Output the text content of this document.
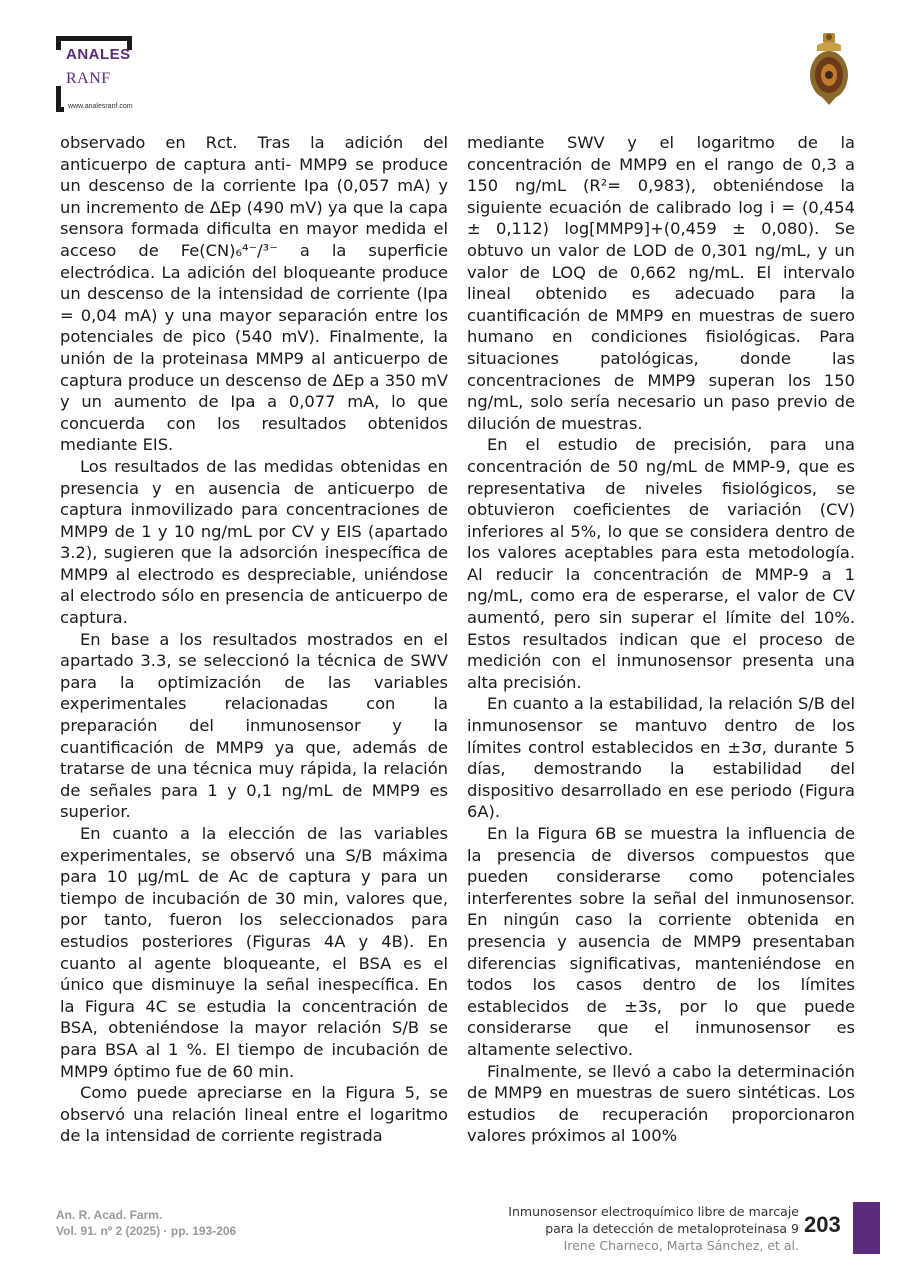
ANALES
RANF
www.analesranf.com

observado en Rct. Tras la adición del anticuerpo de captura anti- MMP9 se produce un descenso de la corriente Ipa (0,057 mA) y un incremento de ΔEp (490 mV) ya que la capa sensora formada dificulta en mayor medida el acceso de Fe(CN)₆⁴⁻/³⁻ a la superficie electródica. La adición del bloqueante produce un descenso de la intensidad de corriente (Ipa = 0,04 mA) y una mayor separación entre los potenciales de pico (540 mV). Finalmente, la unión de la proteinasa MMP9 al anticuerpo de captura produce un descenso de ΔEp a 350 mV y un aumento de Ipa a 0,077 mA, lo que concuerda con los resultados obtenidos mediante EIS.

Los resultados de las medidas obtenidas en presencia y en ausencia de anticuerpo de captura inmovilizado para concentraciones de MMP9 de 1 y 10 ng/mL por CV y EIS (apartado 3.2), sugieren que la adsorción inespecífica de MMP9 al electrodo es despreciable, uniéndose al electrodo sólo en presencia de anticuerpo de captura.

En base a los resultados mostrados en el apartado 3.3, se seleccionó la técnica de SWV para la optimización de las variables experimentales relacionadas con la preparación del inmunosensor y la cuantificación de MMP9 ya que, además de tratarse de una técnica muy rápida, la relación de señales para 1 y 0,1 ng/mL de MMP9 es superior.

En cuanto a la elección de las variables experimentales, se observó una S/B máxima para 10 µg/mL de Ac de captura y para un tiempo de incubación de 30 min, valores que, por tanto, fueron los seleccionados para estudios posteriores (Figuras 4A y 4B). En cuanto al agente bloqueante, el BSA es el único que disminuye la señal inespecífica. En la Figura 4C se estudia la concentración de BSA, obteniéndose la mayor relación S/B se para BSA al 1 %. El tiempo de incubación de MMP9 óptimo fue de 60 min.

Como puede apreciarse en la Figura 5, se observó una relación lineal entre el logaritmo de la intensidad de corriente registrada

mediante SWV y el logaritmo de la concentración de MMP9 en el rango de 0,3 a 150 ng/mL (R²= 0,983), obteniéndose la siguiente ecuación de calibrado log i = (0,454 ± 0,112) log[MMP9]+(0,459 ± 0,080). Se obtuvo un valor de LOD de 0,301 ng/mL, y un valor de LOQ de 0,662 ng/mL. El intervalo lineal obtenido es adecuado para la cuantificación de MMP9 en muestras de suero humano en condiciones fisiológicas. Para situaciones patológicas, donde las concentraciones de MMP9 superan los 150 ng/mL, solo sería necesario un paso previo de dilución de muestras.

En el estudio de precisión, para una concentración de 50 ng/mL de MMP-9, que es representativa de niveles fisiológicos, se obtuvieron coeficientes de variación (CV) inferiores al 5%, lo que se considera dentro de los valores aceptables para esta metodología. Al reducir la concentración de MMP-9 a 1 ng/mL, como era de esperarse, el valor de CV aumentó, pero sin superar el límite del 10%. Estos resultados indican que el proceso de medición con el inmunosensor presenta una alta precisión.

En cuanto a la estabilidad, la relación S/B del inmunosensor se mantuvo dentro de los límites control establecidos en ±3σ, durante 5 días, demostrando la estabilidad del dispositivo desarrollado en ese periodo (Figura 6A).

En la Figura 6B se muestra la influencia de la presencia de diversos compuestos que pueden considerarse como potenciales interferentes sobre la señal del inmunosensor. En ningún caso la corriente obtenida en presencia y ausencia de MMP9 presentaban diferencias significativas, manteniéndose en todos los casos dentro de los límites establecidos de ±3s, por lo que puede considerarse que el inmunosensor es altamente selectivo.

Finalmente, se llevó a cabo la determinación de MMP9 en muestras de suero sintéticas. Los estudios de recuperación proporcionaron valores próximos al 100%

An. R. Acad. Farm.
Vol. 91. nº 2 (2025) · pp. 193-206
Inmunosensor electroquímico libre de marcaje
para la detección de metaloproteinasa 9
Irene Charneco, Marta Sánchez, et al.
203
